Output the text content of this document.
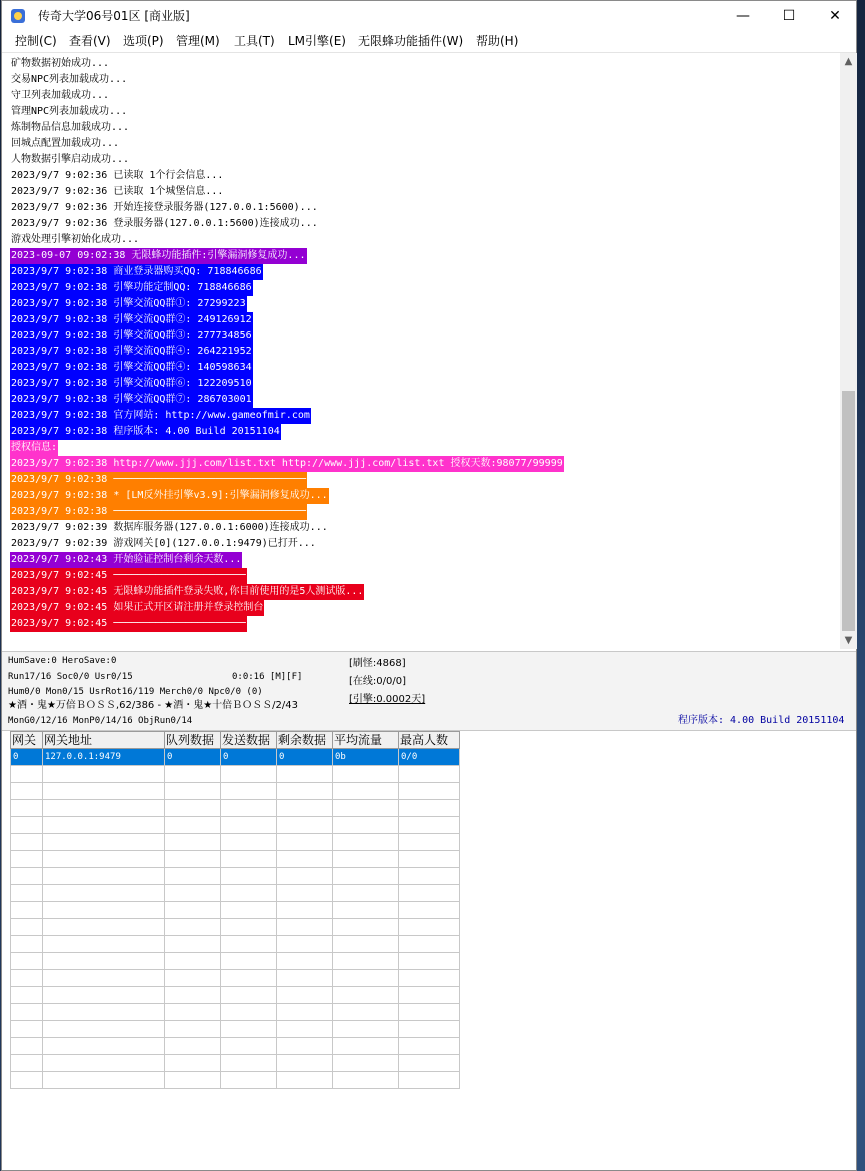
传奇大学06号01区 [商业版]	—	☐	✕
控制(C) 查看(V) 选项(P) 管理(M) 工具(T) LM引擎(E) 无限蜂功能插件(W) 帮助(H)
矿物数据初始成功...
交易NPC列表加载成功...
守卫列表加载成功...
管理NPC列表加载成功...
炼制物品信息加载成功...
回城点配置加载成功...
人物数据引擎启动成功...
2023/9/7 9:02:36 已读取 1个行会信息...
2023/9/7 9:02:36 已读取 1个城堡信息...
2023/9/7 9:02:36 开始连接登录服务器(127.0.0.1:5600)...
2023/9/7 9:02:36 登录服务器(127.0.0.1:5600)连接成功...
游戏处理引擎初始化成功...
2023-09-07 09:02:38 无限蜂功能插件:引擎漏洞修复成功...
2023/9/7 9:02:38 商业登录器购买QQ: 718846686
2023/9/7 9:02:38 引擎功能定制QQ: 718846686
2023/9/7 9:02:38 引擎交流QQ群①: 27299223
2023/9/7 9:02:38 引擎交流QQ群②: 249126912
2023/9/7 9:02:38 引擎交流QQ群③: 277734856
2023/9/7 9:02:38 引擎交流QQ群④: 264221952
2023/9/7 9:02:38 引擎交流QQ群④: 140598634
2023/9/7 9:02:38 引擎交流QQ群⑥: 122209510
2023/9/7 9:02:38 引擎交流QQ群⑦: 286703001
2023/9/7 9:02:38 官方网站: http://www.gameofmir.com
2023/9/7 9:02:38 程序版本: 4.00 Build 20151104
授权信息:
2023/9/7 9:02:38 http://www.jjj.com/list.txt http://www.jjj.com/list.txt 授权天数:98077/99999
2023/9/7 9:02:38 ────────────────────────────────
2023/9/7 9:02:38 * [LM反外挂引擎v3.9]:引擎漏洞修复成功...
2023/9/7 9:02:38 ────────────────────────────────
2023/9/7 9:02:39 数据库服务器(127.0.0.1:6000)连接成功...
2023/9/7 9:02:39 游戏网关[0](127.0.0.1:9479)已打开...
2023/9/7 9:02:43 开始验证控制台剩余天数...
2023/9/7 9:02:45 ──────────────────────
2023/9/7 9:02:45 无限蜂功能插件登录失败,你目前使用的是5人测试版...
2023/9/7 9:02:45 如果正式开区请注册并登录控制台
2023/9/7 9:02:45 ──────────────────────
▲
▼
HumSave:0 HeroSave:0
Run17/16 Soc0/0 Usr0/15	0:0:16 [M][F]
Hum0/0 Mon0/15 UsrRot16/119 Merch0/0 Npc0/0 (0)
★酒・鬼★万倍ＢＯＳＳ,62/386 - ★酒・鬼★十倍ＢＯＳＳ/2/43
MonG0/12/16 MonP0/14/16 ObjRun0/14
[刷怪:4868]
[在线:0/0/0]
[引擎:0.0002天]
程序版本: 4.00 Build 20151104
网关	网关地址	队列数据	发送数据	剩余数据	平均流量	最高人数
0	127.0.0.1:9479	0	0	0	0b	0/0
